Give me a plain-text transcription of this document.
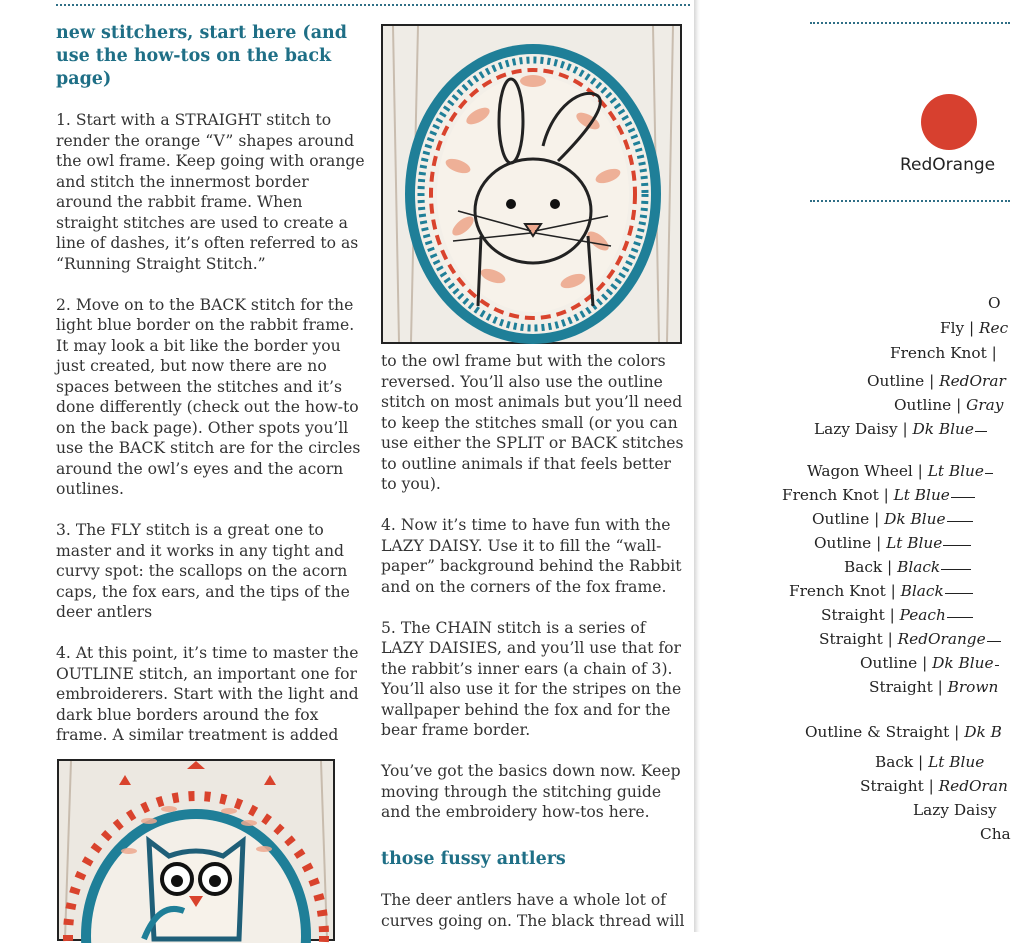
new stitchers, start here (and use the how-tos on the back page)

1. Start with a STRAIGHT stitch to render the orange “V” shapes around the owl frame. Keep going with orange and stitch the innermost border around the rabbit frame. When straight stitches are used to create a line of dashes, it’s often referred to as “Running Straight Stitch.”

2. Move on to the BACK stitch for the light blue border on the rabbit frame. It may look a bit like the border you just created, but now there are no spaces between the stitches and it’s done differently (check out the how-to on the back page). Other spots you’ll use the BACK stitch are for the circles around the owl’s eyes and the acorn outlines.

3. The FLY stitch is a great one to master and it works in any tight and curvy spot: the scallops on the acorn caps, the fox ears, and the tips of the deer antlers

4. At this point, it’s time to master the OUTLINE stitch, an important one for embroiderers. Start with the light and dark blue borders around the fox frame. A similar treatment is added

to the owl frame but with the colors reversed. You’ll also use the outline stitch on most animals but you’ll need to keep the stitches small (or you can use either the SPLIT or BACK stitches to outline animals if that feels better to you).

4. Now it’s time to have fun with the LAZY DAISY. Use it to fill the “wall-paper” background behind the Rabbit and on the corners of the fox frame.

5. The CHAIN stitch is a series of LAZY DAISIES, and you’ll use that for the rabbit’s inner ears (a chain of 3). You’ll also use it for the stripes on the wallpaper behind the fox and for the bear frame border.

You’ve got the basics down now. Keep moving through the stitching guide and the embroidery how-tos here.

those fussy antlers
The deer antlers have a whole lot of curves going on. The black thread will
RedOrange
O
Fly | Rec
French Knot |
Outline | RedOrar
Outline | Gray
Lazy Daisy | Dk Blue
Wagon Wheel | Lt Blue
French Knot | Lt Blue
Outline | Dk Blue
Outline | Lt Blue
Back | Black
French Knot | Black
Straight | Peach
Straight | RedOrange
Outline | Dk Blue
Straight | Brown
Outline & Straight | Dk B
Back | Lt Blue
Straight | RedOran
Lazy Daisy
Cha
